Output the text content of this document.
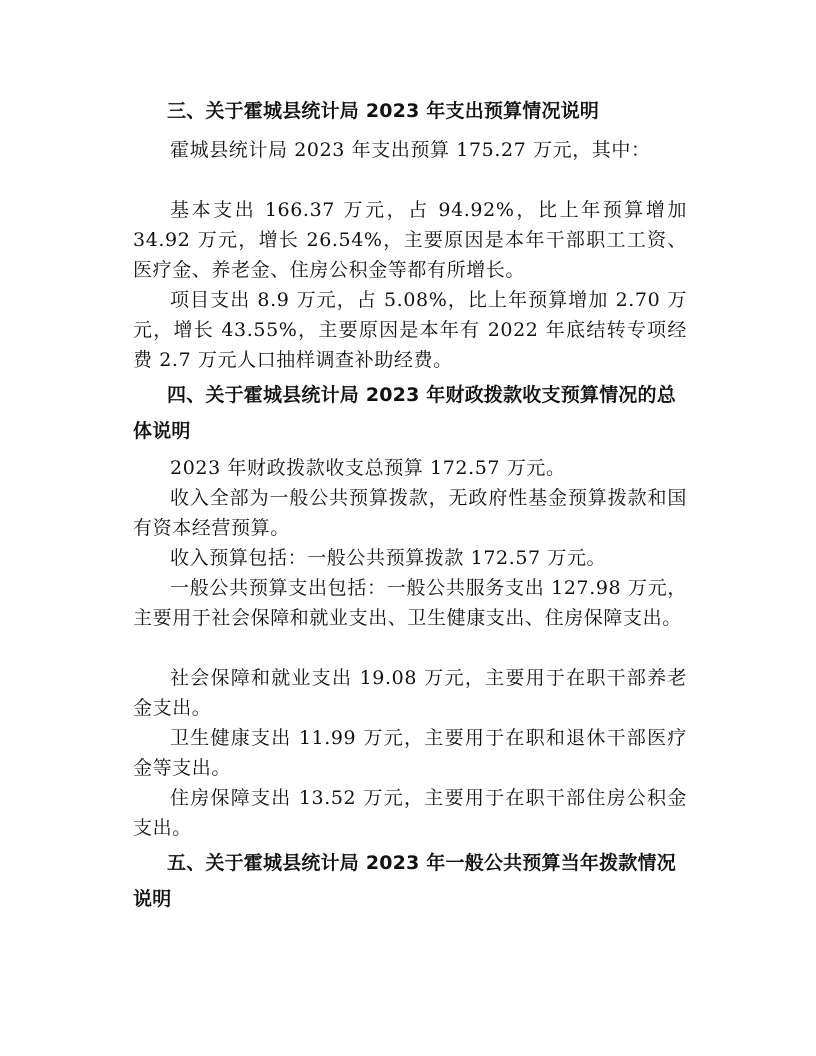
三、关于霍城县统计局 2023 年支出预算情况说明

霍城县统计局 2023 年支出预算 175.27 万元，其中：

基本支出 166.37 万元，占 94.92%，比上年预算增加 34.92 万元，增长 26.54%，主要原因是本年干部职工工资、医疗金、养老金、住房公积金等都有所增长。

项目支出 8.9 万元，占 5.08%，比上年预算增加 2.70 万元，增长 43.55%，主要原因是本年有 2022 年底结转专项经费 2.7 万元人口抽样调查补助经费。

四、关于霍城县统计局 2023 年财政拨款收支预算情况的总体说明

2023 年财政拨款收支总预算 172.57 万元。

收入全部为一般公共预算拨款，无政府性基金预算拨款和国有资本经营预算。

收入预算包括：一般公共预算拨款 172.57 万元。

一般公共预算支出包括：一般公共服务支出 127.98 万元，主要用于社会保障和就业支出、卫生健康支出、住房保障支出。

社会保障和就业支出 19.08 万元，主要用于在职干部养老金支出。

卫生健康支出 11.99 万元，主要用于在职和退休干部医疗金等支出。

住房保障支出 13.52 万元，主要用于在职干部住房公积金支出。

五、关于霍城县统计局 2023 年一般公共预算当年拨款情况说明
